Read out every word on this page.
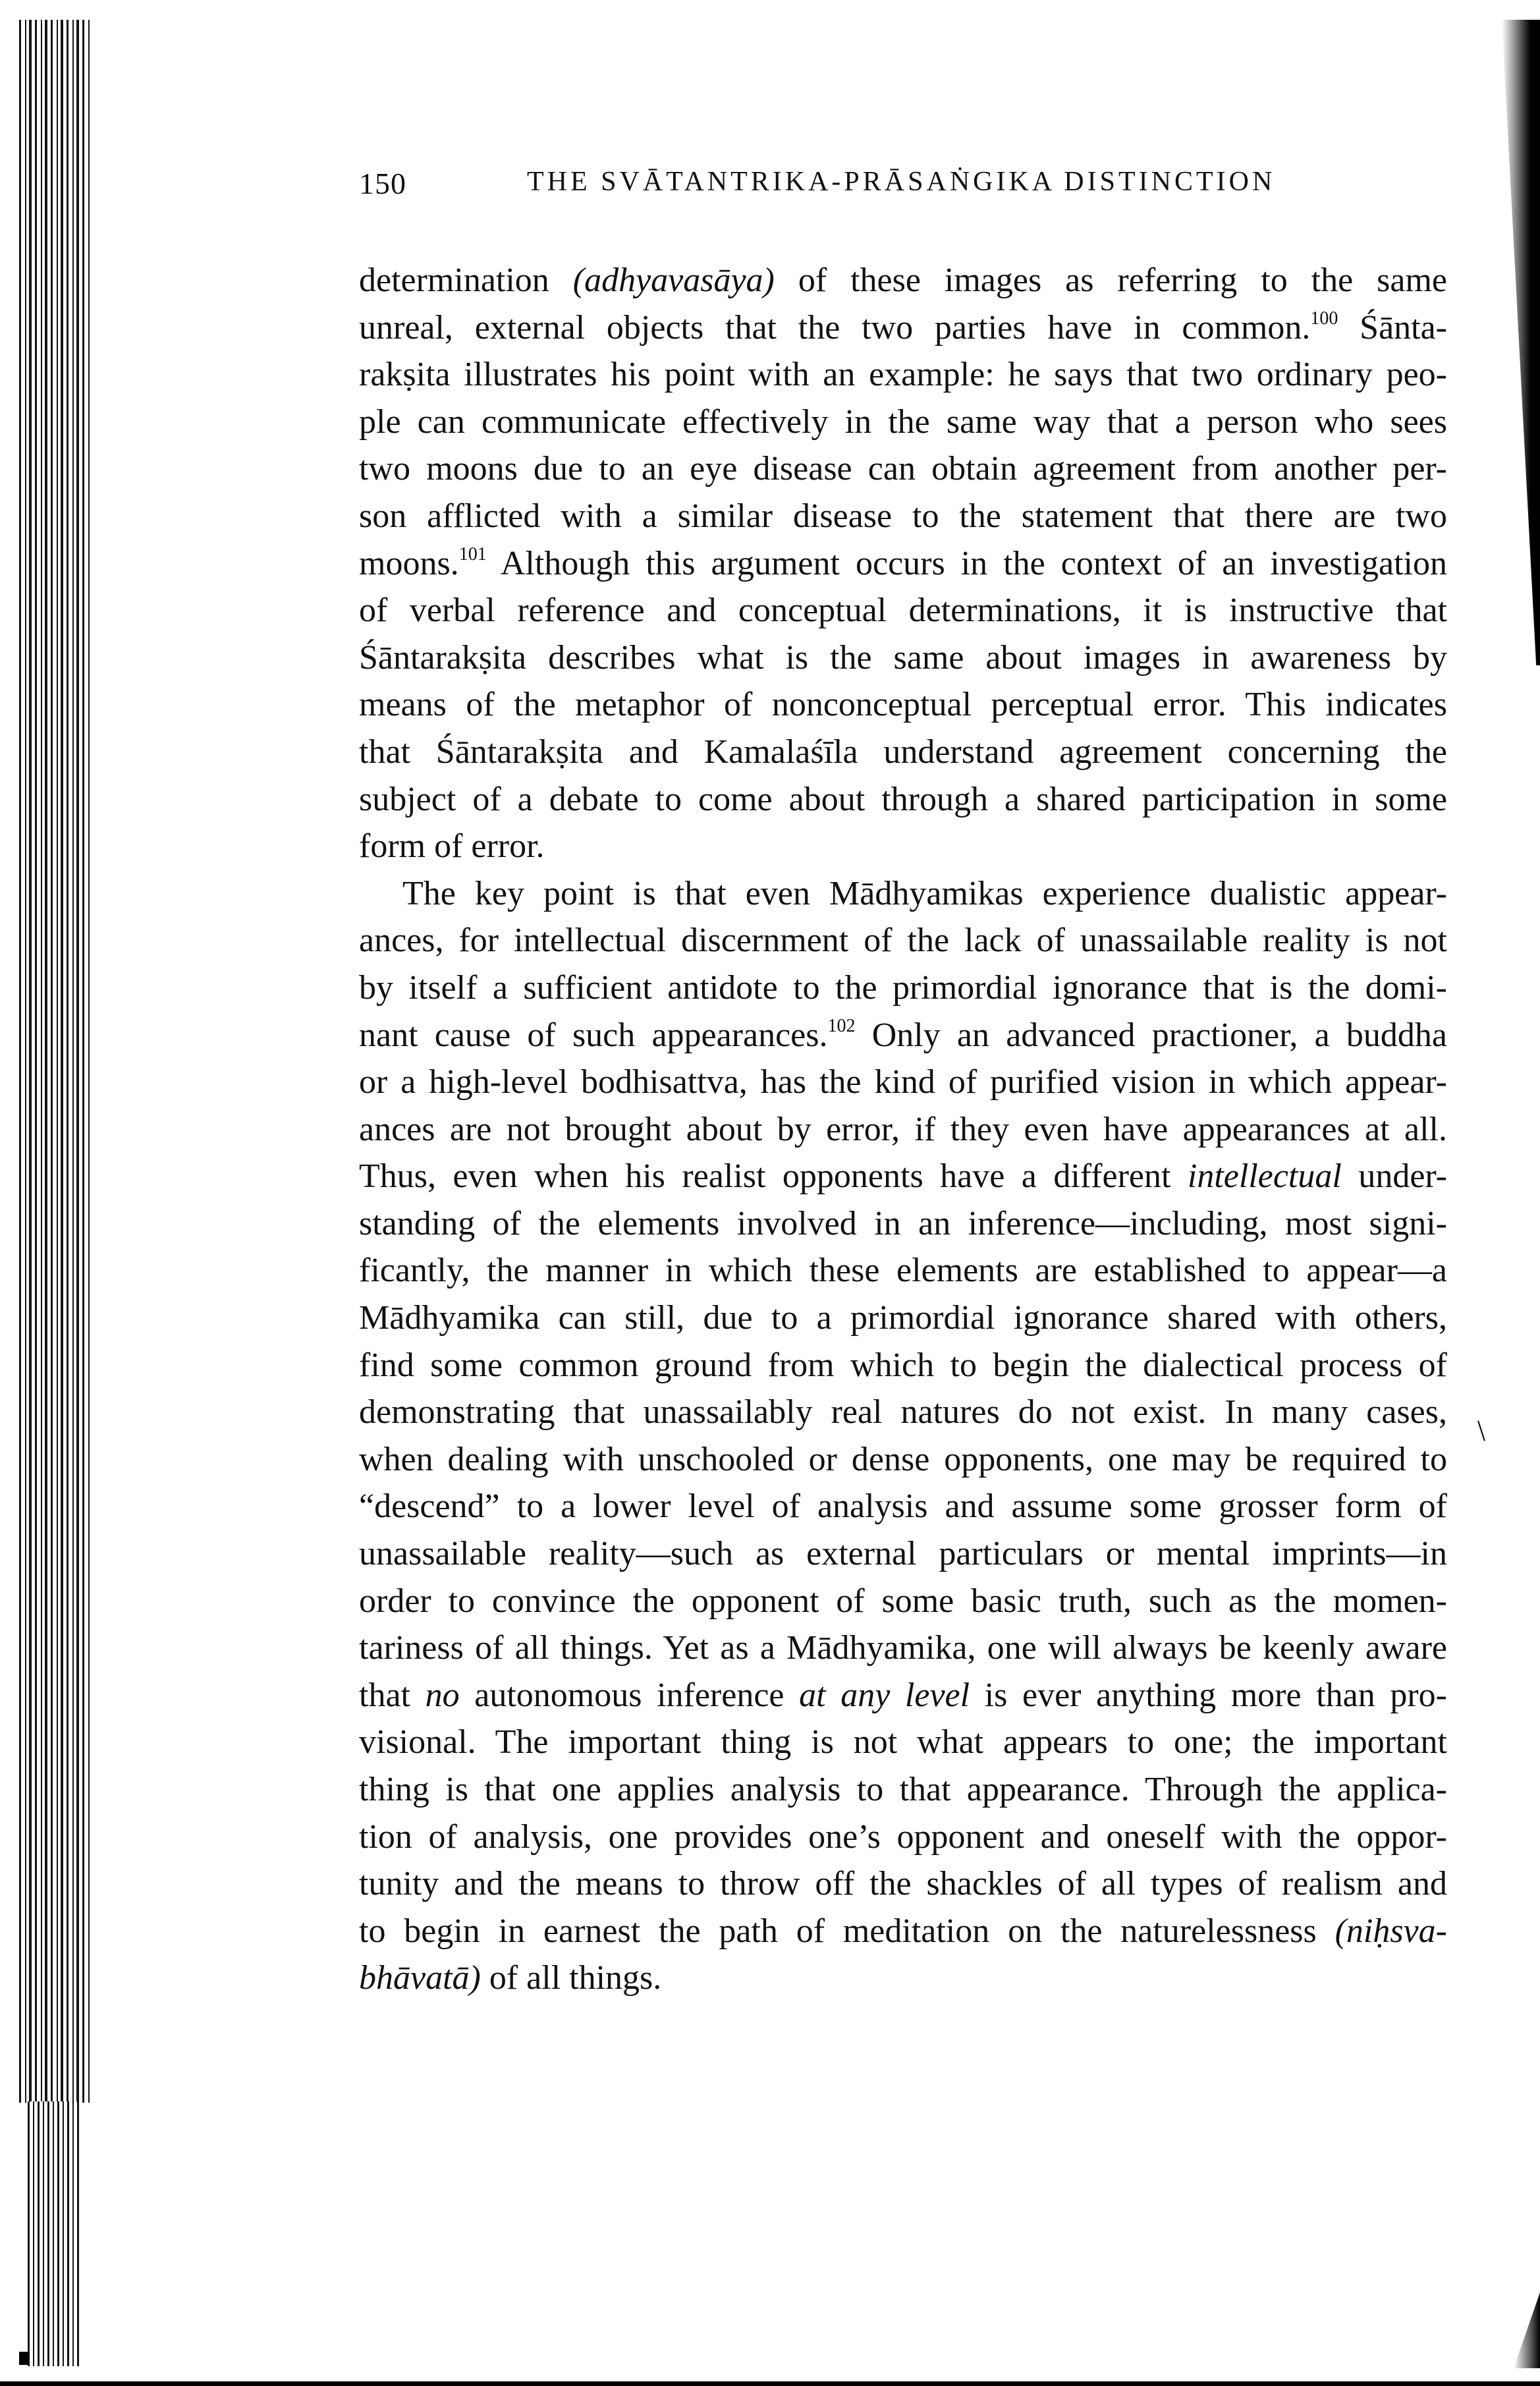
150	THE SVĀTANTRIKA-PRĀSAṄGIKA DISTINCTION
determination (adhyavasāya) of these images as referring to the same
unreal, external objects that the two parties have in common.$^{100}$ Śānta-
rakṣita illustrates his point with an example: he says that two ordinary peo-
ple can communicate effectively in the same way that a person who sees
two moons due to an eye disease can obtain agreement from another per-
son afflicted with a similar disease to the statement that there are two
moons.$^{101}$ Although this argument occurs in the context of an investigation
of verbal reference and conceptual determinations, it is instructive that
Śāntarakṣita describes what is the same about images in awareness by
means of the metaphor of nonconceptual perceptual error. This indicates
that Śāntarakṣita and Kamalaśīla understand agreement concerning the
subject of a debate to come about through a shared participation in some
form of error.
The key point is that even Mādhyamikas experience dualistic appear-
ances, for intellectual discernment of the lack of unassailable reality is not
by itself a sufficient antidote to the primordial ignorance that is the domi-
nant cause of such appearances.$^{102}$ Only an advanced practioner, a buddha
or a high-level bodhisattva, has the kind of purified vision in which appear-
ances are not brought about by error, if they even have appearances at all.
Thus, even when his realist opponents have a different intellectual under-
standing of the elements involved in an inference—including, most signi-
ficantly, the manner in which these elements are established to appear—a
Mādhyamika can still, due to a primordial ignorance shared with others,
find some common ground from which to begin the dialectical process of
demonstrating that unassailably real natures do not exist. In many cases,
when dealing with unschooled or dense opponents, one may be required to
“descend” to a lower level of analysis and assume some grosser form of
unassailable reality—such as external particulars or mental imprints—in
order to convince the opponent of some basic truth, such as the momen-
tariness of all things. Yet as a Mādhyamika, one will always be keenly aware
that no autonomous inference at any level is ever anything more than pro-
visional. The important thing is not what appears to one; the important
thing is that one applies analysis to that appearance. Through the applica-
tion of analysis, one provides one’s opponent and oneself with the oppor-
tunity and the means to throw off the shackles of all types of realism and
to begin in earnest the path of meditation on the naturelessness (niḥsva-
bhāvatā) of all things.
